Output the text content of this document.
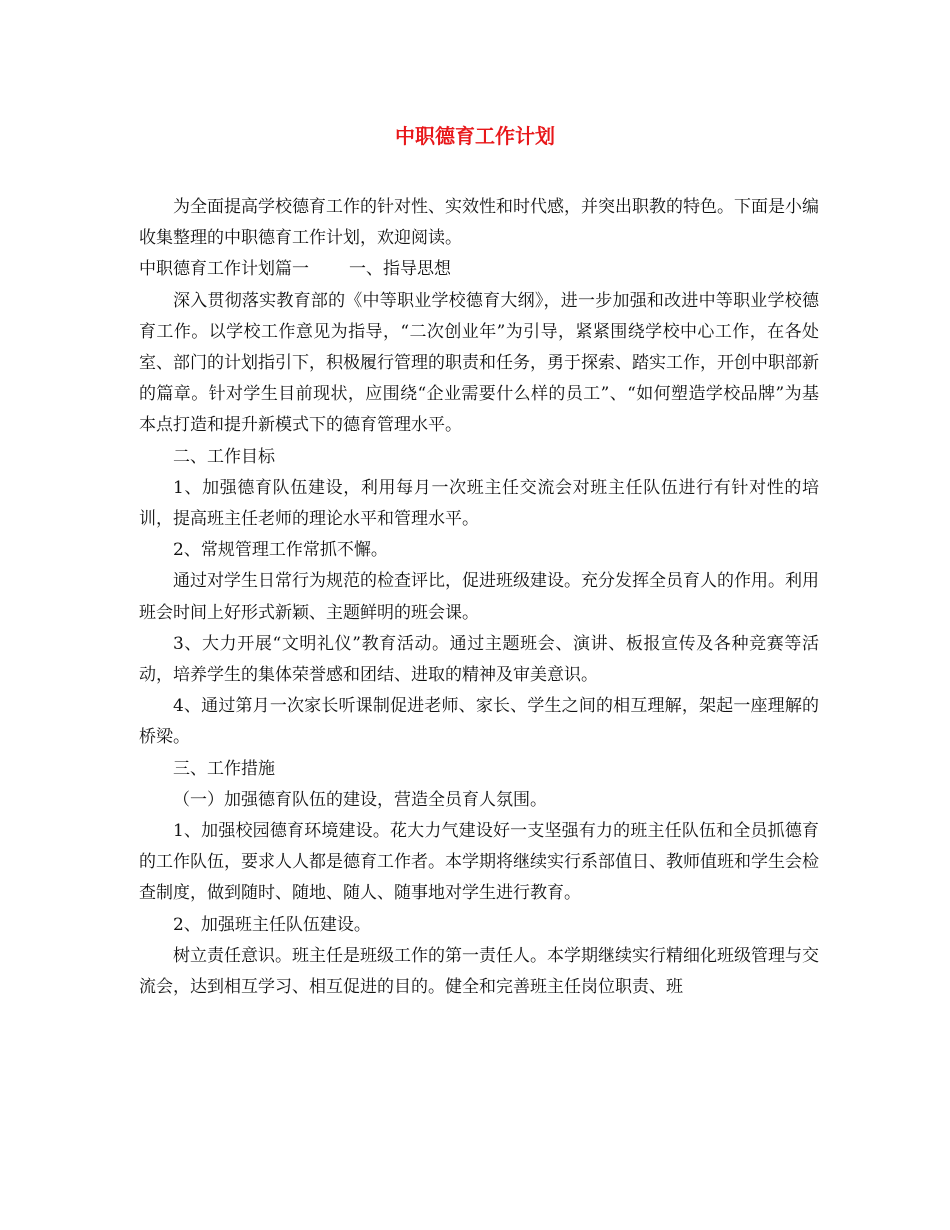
中职德育工作计划

为全面提高学校德育工作的针对性、实效性和时代感，并突出职教的特色。下面是小编收集整理的中职德育工作计划，欢迎阅读。

中职德育工作计划篇一 一、指导思想

深入贯彻落实教育部的《中等职业学校德育大纲》，进一步加强和改进中等职业学校德育工作。以学校工作意见为指导，“二次创业年”为引导，紧紧围绕学校中心工作，在各处室、部门的计划指引下，积极履行管理的职责和任务，勇于探索、踏实工作，开创中职部新的篇章。针对学生目前现状，应围绕“企业需要什么样的员工”、“如何塑造学校品牌”为基本点打造和提升新模式下的德育管理水平。

二、工作目标

1、加强德育队伍建设，利用每月一次班主任交流会对班主任队伍进行有针对性的培训，提高班主任老师的理论水平和管理水平。

2、常规管理工作常抓不懈。

通过对学生日常行为规范的检查评比，促进班级建设。充分发挥全员育人的作用。利用班会时间上好形式新颖、主题鲜明的班会课。

3、大力开展“文明礼仪”教育活动。通过主题班会、演讲、板报宣传及各种竞赛等活动，培养学生的集体荣誉感和团结、进取的精神及审美意识。

4、通过第月一次家长听课制促进老师、家长、学生之间的相互理解，架起一座理解的桥梁。

三、工作措施

（一）加强德育队伍的建设，营造全员育人氛围。

1、加强校园德育环境建设。花大力气建设好一支坚强有力的班主任队伍和全员抓德育的工作队伍，要求人人都是德育工作者。本学期将继续实行系部值日、教师值班和学生会检查制度，做到随时、随地、随人、随事地对学生进行教育。

2、加强班主任队伍建设。

树立责任意识。班主任是班级工作的第一责任人。本学期继续实行精细化班级管理与交流会，达到相互学习、相互促进的目的。健全和完善班主任岗位职责、班
